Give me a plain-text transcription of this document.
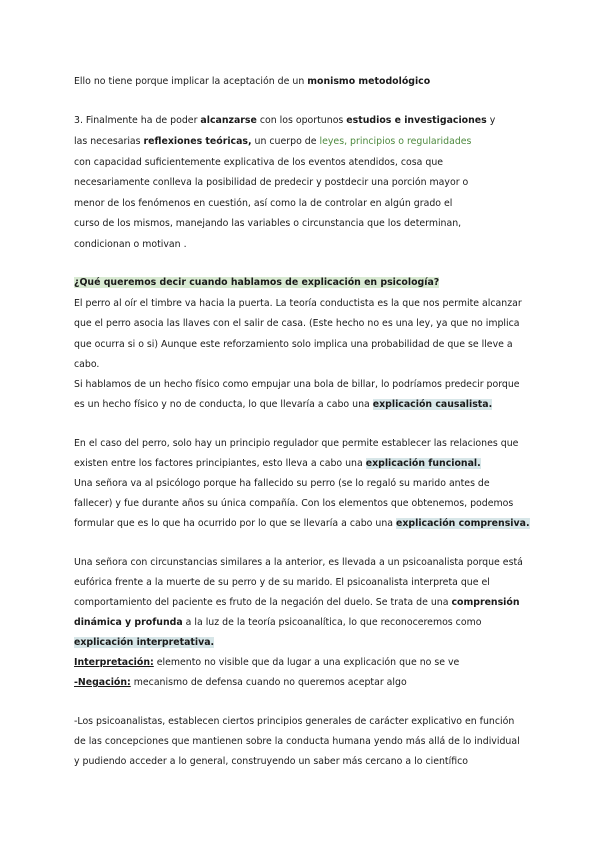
Ello no tiene porque implicar la aceptación de un monismo metodológico
3. Finalmente ha de poder alcanzarse con los oportunos estudios e investigaciones y
las necesarias reflexiones teóricas, un cuerpo de leyes, principios o regularidades
con capacidad suficientemente explicativa de los eventos atendidos, cosa que
necesariamente conlleva la posibilidad de predecir y postdecir una porción mayor o
menor de los fenómenos en cuestión, así como la de controlar en algún grado el
curso de los mismos, manejando las variables o circunstancia que los determinan,
condicionan o motivan .
¿Qué queremos decir cuando hablamos de explicación en psicología?
El perro al oír el timbre va hacia la puerta. La teoría conductista es la que nos permite alcanzar
que el perro asocia las llaves con el salir de casa. (Este hecho no es una ley, ya que no implica
que ocurra si o si) Aunque este reforzamiento solo implica una probabilidad de que se lleve a
cabo.
Si hablamos de un hecho físico como empujar una bola de billar, lo podríamos predecir porque
es un hecho físico y no de conducta, lo que llevaría a cabo una explicación causalista.
En el caso del perro, solo hay un principio regulador que permite establecer las relaciones que
existen entre los factores principiantes, esto lleva a cabo una explicación funcional.
Una señora va al psicólogo porque ha fallecido su perro (se lo regaló su marido antes de
fallecer) y fue durante años su única compañía. Con los elementos que obtenemos, podemos
formular que es lo que ha ocurrido por lo que se llevaría a cabo una explicación comprensiva.
Una señora con circunstancias similares a la anterior, es llevada a un psicoanalista porque está
eufórica frente a la muerte de su perro y de su marido. El psicoanalista interpreta que el
comportamiento del paciente es fruto de la negación del duelo. Se trata de una comprensión
dinámica y profunda a la luz de la teoría psicoanalítica, lo que reconoceremos como
explicación interpretativa.
Interpretación: elemento no visible que da lugar a una explicación que no se ve
-Negación: mecanismo de defensa cuando no queremos aceptar algo
-Los psicoanalistas, establecen ciertos principios generales de carácter explicativo en función
de las concepciones que mantienen sobre la conducta humana yendo más allá de lo individual
y pudiendo acceder a lo general, construyendo un saber más cercano a lo científico
